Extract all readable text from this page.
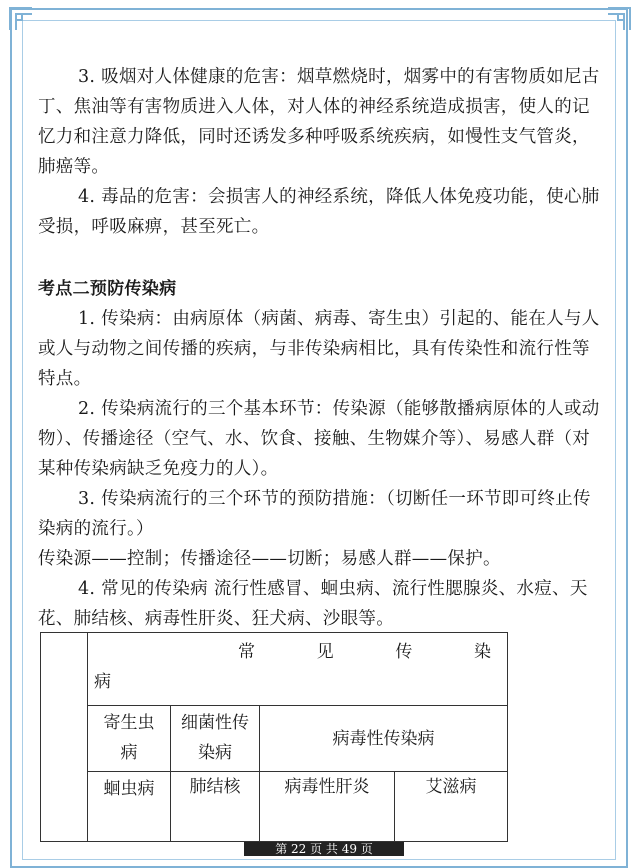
3. 吸烟对人体健康的危害：烟草燃烧时，烟雾中的有害物质如尼古丁、焦油等有害物质进入人体，对人体的神经系统造成损害，使人的记忆力和注意力降低，同时还诱发多种呼吸系统疾病，如慢性支气管炎，肺癌等。

4. 毒品的危害：会损害人的神经系统，降低人体免疫功能，使心肺受损，呼吸麻痹，甚至死亡。

考点二预防传染病

1. 传染病：由病原体（病菌、病毒、寄生虫）引起的、能在人与人或人与动物之间传播的疾病，与非传染病相比，具有传染性和流行性等特点。

2. 传染病流行的三个基本环节：传染源（能够散播病原体的人或动物）、传播途径（空气、水、饮食、接触、生物媒介等）、易感人群（对某种传染病缺乏免疫力的人）。

3. 传染病流行的三个环节的预防措施：（切断任一环节即可终止传染病的流行。）

传染源——控制；传播途径——切断；易感人群——保护。

4. 常见的传染病 流行性感冒、蛔虫病、流行性腮腺炎、水痘、天花、肺结核、病毒性肝炎、狂犬病、沙眼等。

	常 见 传 染
病			

	寄生虫病	细菌性传染病	病毒性传染病	
	蛔虫病	肺结核	病毒性肝炎	艾滋病
第 22 页 共 49 页
